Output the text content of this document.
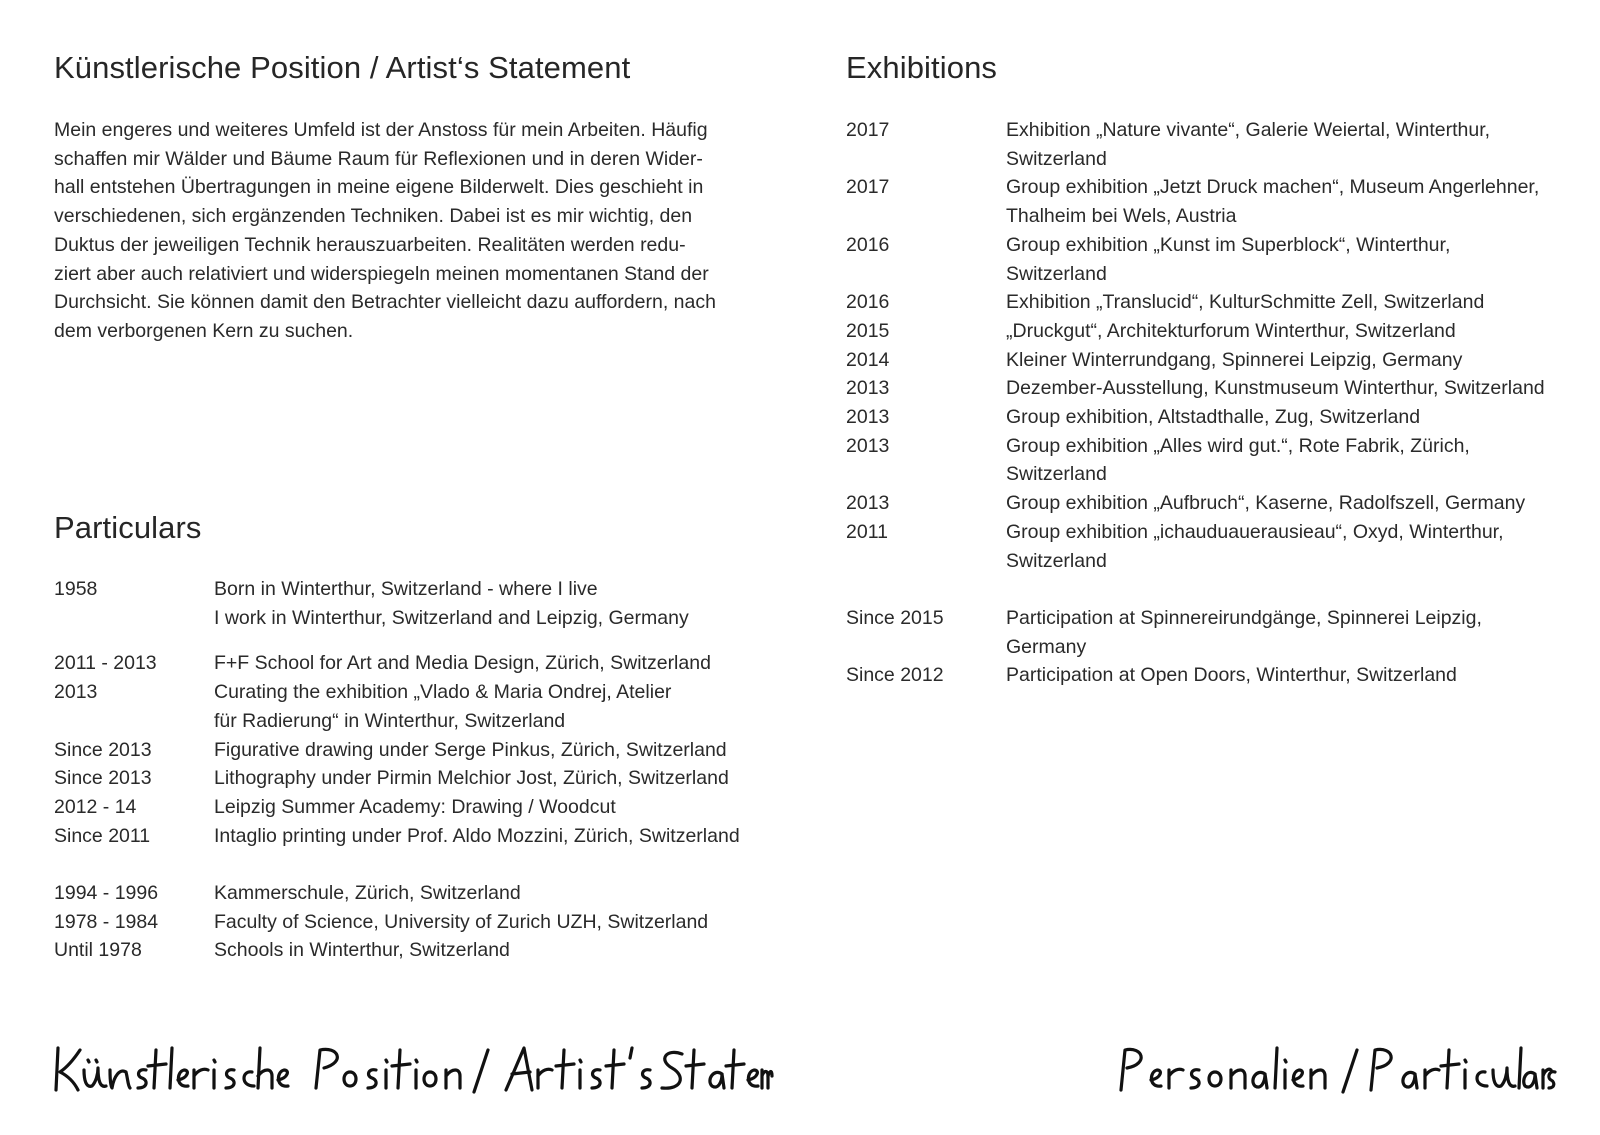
Künstlerische Position / Artist‘s Statement
Mein engeres und weiteres Umfeld ist der Anstoss für mein Arbeiten. Häufig
schaffen mir Wälder und Bäume Raum für Reflexionen und in deren Wider-
hall entstehen Übertragungen in meine eigene Bilderwelt. Dies geschieht in
verschiedenen, sich ergänzenden Techniken. Dabei ist es mir wichtig, den
Duktus der jeweiligen Technik herauszuarbeiten. Realitäten werden redu-
ziert aber auch relativiert und widerspiegeln meinen momentanen Stand der
Durchsicht. Sie können damit den Betrachter vielleicht dazu auffordern, nach
dem verborgenen Kern zu suchen.
Particulars
1958	Born in Winterthur, Switzerland - where I live
I work in Winterthur, Switzerland and Leipzig, Germany
2011 - 2013	F+F School for Art and Media Design, Zürich, Switzerland
2013	Curating the exhibition „Vlado & Maria Ondrej, Atelier
für Radierung“ in Winterthur, Switzerland
Since 2013	Figurative drawing under Serge Pinkus, Zürich, Switzerland
Since 2013	Lithography under Pirmin Melchior Jost, Zürich, Switzerland
2012 - 14	Leipzig Summer Academy: Drawing / Woodcut
Since 2011	Intaglio printing under Prof. Aldo Mozzini, Zürich, Switzerland
1994 - 1996	Kammerschule, Zürich, Switzerland
1978 - 1984	Faculty of Science, University of Zurich UZH, Switzerland
Until 1978	Schools in Winterthur, Switzerland
Exhibitions
2017	Exhibition „Nature vivante“, Galerie Weiertal, Winterthur,
Switzerland
2017	Group exhibition „Jetzt Druck machen“, Museum Angerlehner,
Thalheim bei Wels, Austria
2016	Group exhibition „Kunst im Superblock“, Winterthur,
Switzerland
2016	Exhibition „Translucid“, KulturSchmitte Zell, Switzerland
2015	„Druckgut“, Architekturforum Winterthur, Switzerland
2014	Kleiner Winterrundgang, Spinnerei Leipzig, Germany
2013	Dezember-Ausstellung, Kunstmuseum Winterthur, Switzerland
2013	Group exhibition, Altstadthalle, Zug, Switzerland
2013	Group exhibition „Alles wird gut.“, Rote Fabrik, Zürich,
Switzerland
2013	Group exhibition „Aufbruch“, Kaserne, Radolfszell, Germany
2011	Group exhibition „ichauduauerausieau“, Oxyd, Winterthur,
Switzerland
Since 2015	Participation at Spinnereirundgänge, Spinnerei Leipzig,
Germany
Since 2012	Participation at Open Doors, Winterthur, Switzerland
